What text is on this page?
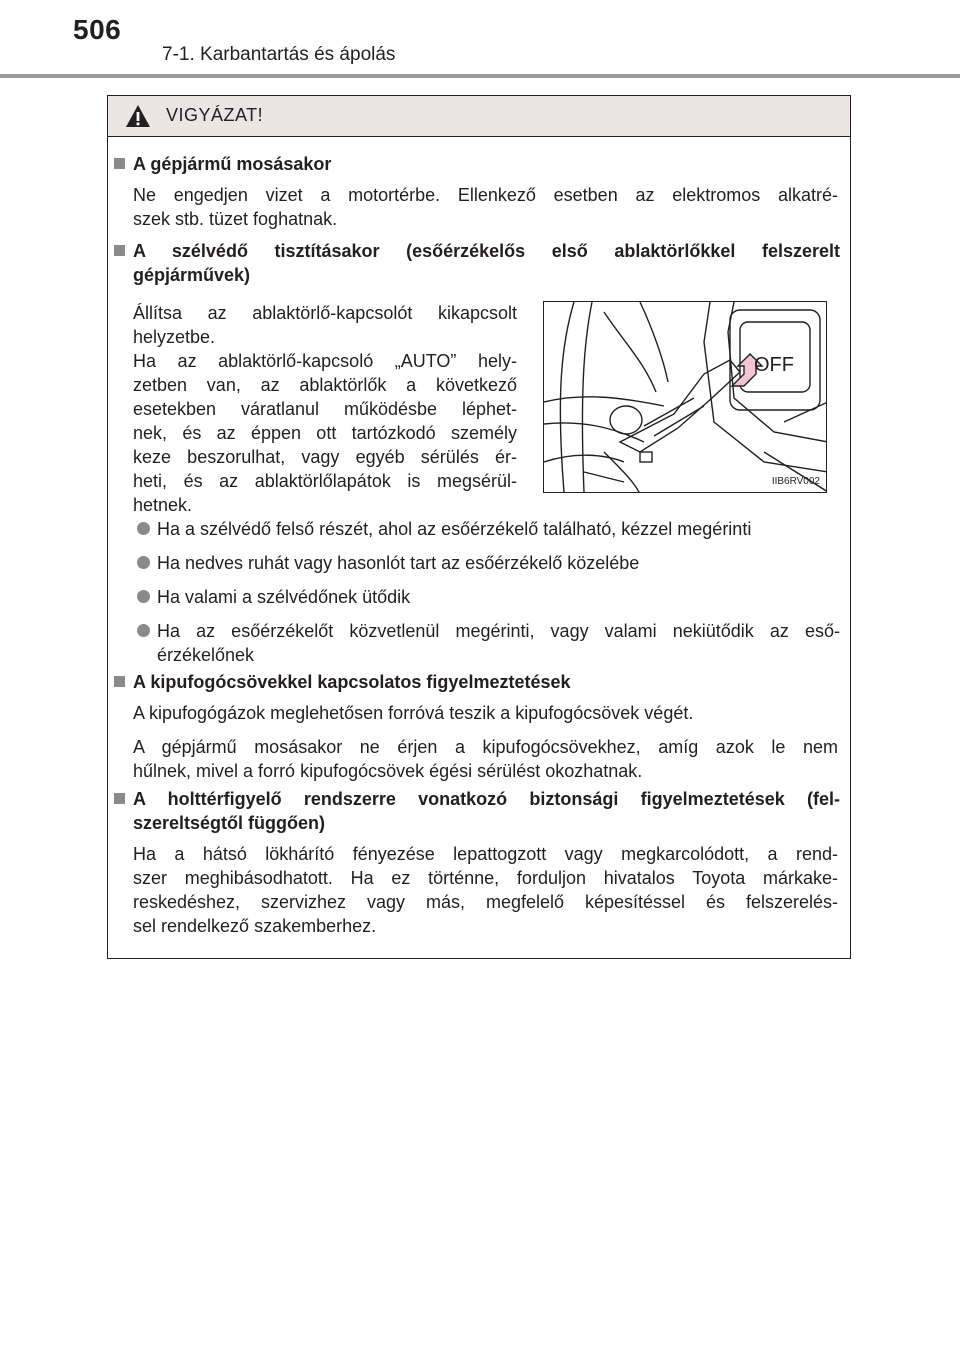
506
7-1. Karbantartás és ápolás
VIGYÁZAT!
A gépjármű mosásakor
Ne engedjen vizet a motortérbe. Ellenkező esetben az elektromos alkatré-
szek stb. tüzet foghatnak.
A szélvédő tisztításakor (esőérzékelős első ablaktörlőkkel felszerelt
gépjárművek)
Állítsa az ablaktörlő-kapcsolót kikapcsolt
helyzetbe.
Ha az ablaktörlő-kapcsoló „AUTO” hely-
zetben van, az ablaktörlők a következő
esetekben váratlanul működésbe léphet-
nek, és az éppen ott tartózkodó személy
keze beszorulhat, vagy egyéb sérülés ér-
heti, és az ablaktörlőlapátok is megsérül-
hetnek.
OFF
IIB6RV002
Ha a szélvédő felső részét, ahol az esőérzékelő található, kézzel megérinti
Ha nedves ruhát vagy hasonlót tart az esőérzékelő közelébe
Ha valami a szélvédőnek ütődik
Ha az esőérzékelőt közvetlenül megérinti, vagy valami nekiütődik az eső-
érzékelőnek
A kipufogócsövekkel kapcsolatos figyelmeztetések
A kipufogógázok meglehetősen forróvá teszik a kipufogócsövek végét.
A gépjármű mosásakor ne érjen a kipufogócsövekhez, amíg azok le nem
hűlnek, mivel a forró kipufogócsövek égési sérülést okozhatnak.
A holttérfigyelő rendszerre vonatkozó biztonsági figyelmeztetések (fel-
szereltségtől függően)
Ha a hátsó lökhárító fényezése lepattogzott vagy megkarcolódott, a rend-
szer meghibásodhatott. Ha ez történne, forduljon hivatalos Toyota márkake-
reskedéshez, szervizhez vagy más, megfelelő képesítéssel és felszerelés-
sel rendelkező szakemberhez.
